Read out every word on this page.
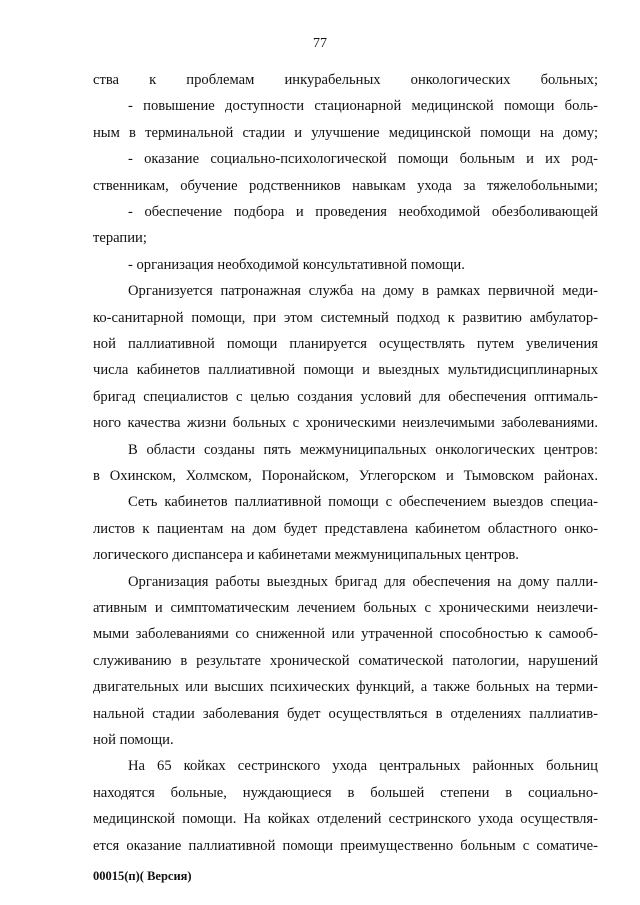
77
ства к проблемам инкурабельных онкологических больных;
- повышение доступности стационарной медицинской помощи боль-
ным в терминальной стадии и улучшение медицинской помощи на дому;
- оказание социально-психологической помощи больным и их род-
ственникам, обучение родственников навыкам ухода за тяжелобольными;
- обеспечение подбора и проведения необходимой обезболивающей
терапии;
- организация необходимой консультативной помощи.
Организуется патронажная служба на дому в рамках первичной меди-
ко-санитарной помощи, при этом системный подход к развитию амбулатор-
ной паллиативной помощи планируется осуществлять путем увеличения
числа кабинетов паллиативной помощи и выездных мультидисциплинарных
бригад специалистов с целью создания условий для обеспечения оптималь-
ного качества жизни больных с хроническими неизлечимыми заболеваниями.
В области созданы пять межмуниципальных онкологических центров:
в Охинском, Холмском, Поронайском, Углегорском и Тымовском районах.
Сеть кабинетов паллиативной помощи с обеспечением выездов специа-
листов к пациентам на дом будет представлена кабинетом областного онко-
логического диспансера и кабинетами межмуниципальных центров.
Организация работы выездных бригад для обеспечения на дому палли-
ативным и симптоматическим лечением больных с хроническими неизлечи-
мыми заболеваниями со сниженной или утраченной способностью к самооб-
служиванию в результате хронической соматической патологии, нарушений
двигательных или высших психических функций, а также больных на терми-
нальной стадии заболевания будет осуществляться в отделениях паллиатив-
ной помощи.
На 65 койках сестринского ухода центральных районных больниц
находятся больные, нуждающиеся в большей степени в социально-
медицинской помощи. На койках отделений сестринского ухода осуществля-
ется оказание паллиативной помощи преимущественно больным с соматиче-
00015(п)( Версия)
